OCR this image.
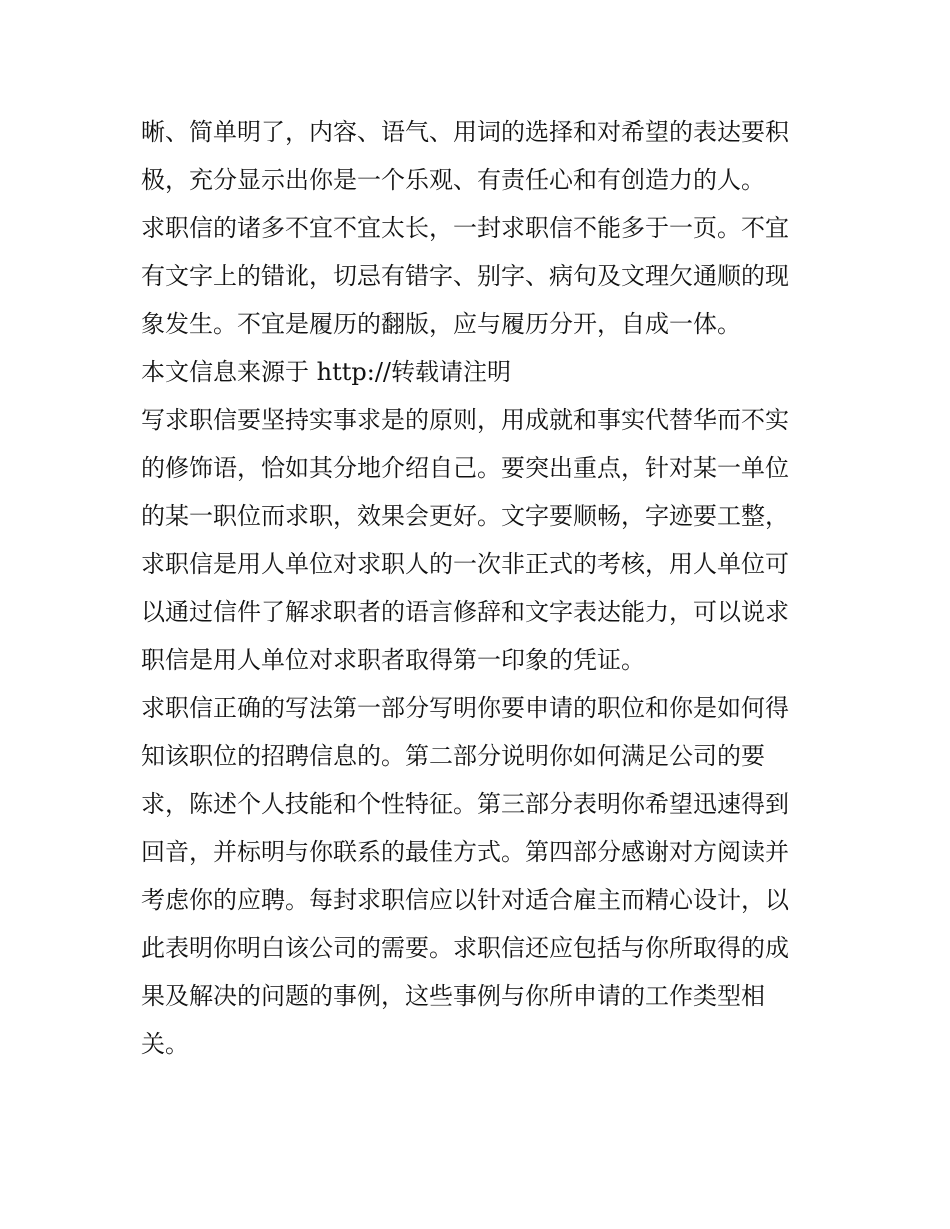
晰、简单明了，内容、语气、用词的选择和对希望的表达要积
极，充分显示出你是一个乐观、有责任心和有创造力的人。
求职信的诸多不宜不宜太长，一封求职信不能多于一页。不宜
有文字上的错讹，切忌有错字、别字、病句及文理欠通顺的现
象发生。不宜是履历的翻版，应与履历分开，自成一体。
本文信息来源于 http://转载请注明
写求职信要坚持实事求是的原则，用成就和事实代替华而不实
的修饰语，恰如其分地介绍自己。要突出重点，针对某一单位
的某一职位而求职，效果会更好。文字要顺畅，字迹要工整，
求职信是用人单位对求职人的一次非正式的考核，用人单位可
以通过信件了解求职者的语言修辞和文字表达能力，可以说求
职信是用人单位对求职者取得第一印象的凭证。
求职信正确的写法第一部分写明你要申请的职位和你是如何得
知该职位的招聘信息的。第二部分说明你如何满足公司的要
求，陈述个人技能和个性特征。第三部分表明你希望迅速得到
回音，并标明与你联系的最佳方式。第四部分感谢对方阅读并
考虑你的应聘。每封求职信应以针对适合雇主而精心设计，以
此表明你明白该公司的需要。求职信还应包括与你所取得的成
果及解决的问题的事例，这些事例与你所申请的工作类型相
关。
